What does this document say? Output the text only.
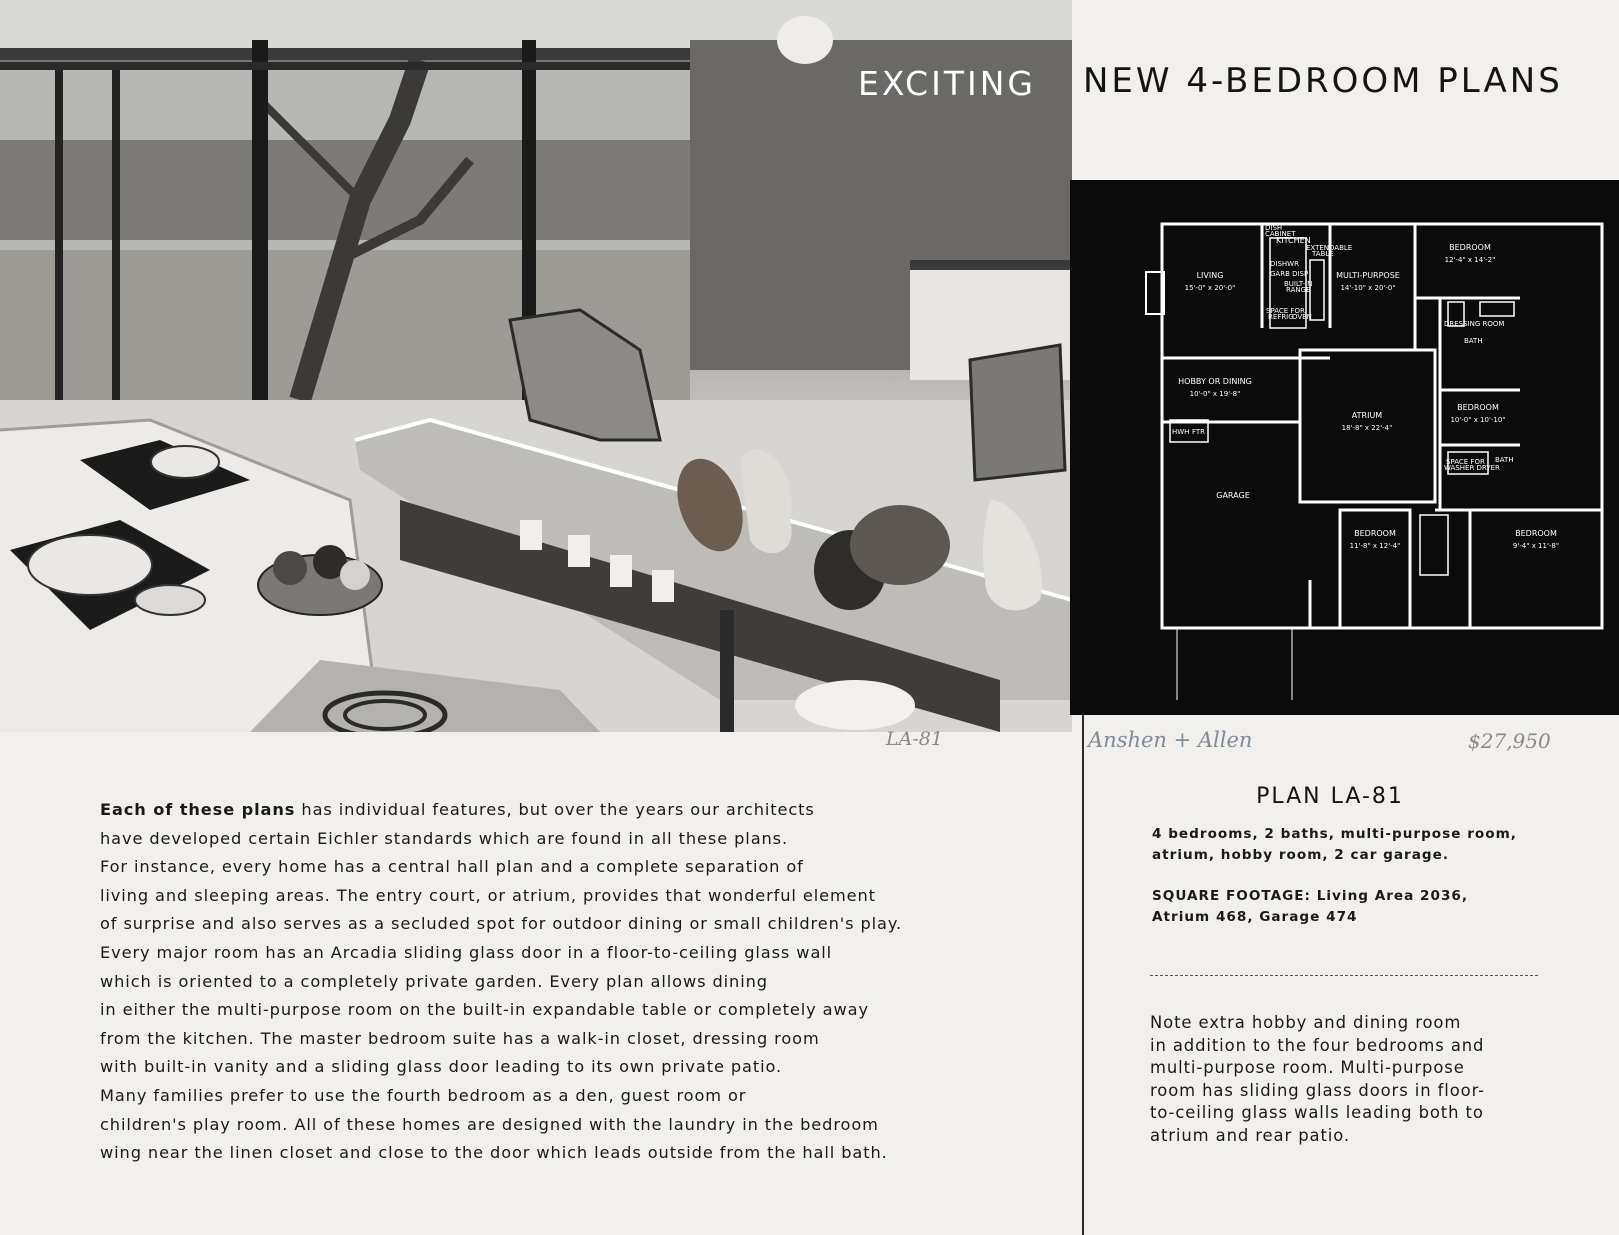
EXCITING NEW 4-BEDROOM PLANS
LIVING
15'-0" x 20'-0"
KITCHEN
MULTI-PURPOSE
14'-10" x 20'-0"
HOBBY OR DINING
10'-0" x 19'-8"
ATRIUM
18'-8" x 22'-4"
GARAGE
BEDROOM
12'-4" x 14'-2"
BEDROOM
10'-0" x 10'-10"
BEDROOM
11'-8" x 12'-4"
BEDROOM
9'-4" x 11'-8"
DISH
CABINET
EXTENDABLE
TABLE
DISHWR
GARB DISP
BUILT-IN
RANGE
SPACE FOR
REFRIG
OVEN
DRESSING ROOM
BATH
BATH
SPACE FOR
WASHER DRYER
HWH FTR
LA-81	Anshen + Allen	$27,950

Each of these plans has individual features, but over the years our architects

have developed certain Eichler standards which are found in all these plans.

For instance, every home has a central hall plan and a complete separation of

living and sleeping areas. The entry court, or atrium, provides that wonderful element

of surprise and also serves as a secluded spot for outdoor dining or small children's play.

Every major room has an Arcadia sliding glass door in a floor-to-ceiling glass wall

which is oriented to a completely private garden. Every plan allows dining

in either the multi-purpose room on the built-in expandable table or completely away

from the kitchen. The master bedroom suite has a walk-in closet, dressing room

with built-in vanity and a sliding glass door leading to its own private patio.

Many families prefer to use the fourth bedroom as a den, guest room or

children's play room. All of these homes are designed with the laundry in the bedroom

wing near the linen closet and close to the door which leads outside from the hall bath.

PLAN LA-81
4 bedrooms, 2 baths, multi-purpose room,
atrium, hobby room, 2 car garage.
SQUARE FOOTAGE: Living Area 2036,
Atrium 468, Garage 474

Note extra hobby and dining room

in addition to the four bedrooms and

multi-purpose room. Multi-purpose

room has sliding glass doors in floor-

to-ceiling glass walls leading both to

atrium and rear patio.
